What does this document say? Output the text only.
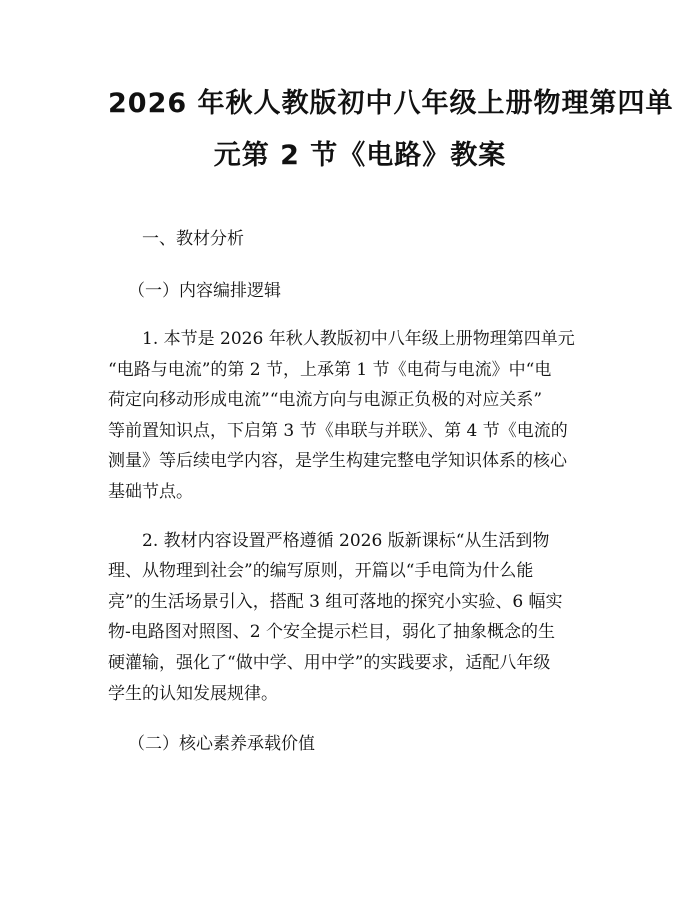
2026 年秋人教版初中八年级上册物理第四单
元第 2 节《电路》教案
一、教材分析
（一）内容编排逻辑
1. 本节是 2026 年秋人教版初中八年级上册物理第四单元
“电路与电流”的第 2 节，上承第 1 节《电荷与电流》中“电
荷定向移动形成电流”“电流方向与电源正负极的对应关系”
等前置知识点，下启第 3 节《串联与并联》、第 4 节《电流的
测量》等后续电学内容，是学生构建完整电学知识体系的核心
基础节点。
2. 教材内容设置严格遵循 2026 版新课标“从生活到物
理、从物理到社会”的编写原则，开篇以“手电筒为什么能
亮”的生活场景引入，搭配 3 组可落地的探究小实验、6 幅实
物-电路图对照图、2 个安全提示栏目，弱化了抽象概念的生
硬灌输，强化了“做中学、用中学”的实践要求，适配八年级
学生的认知发展规律。
（二）核心素养承载价值
